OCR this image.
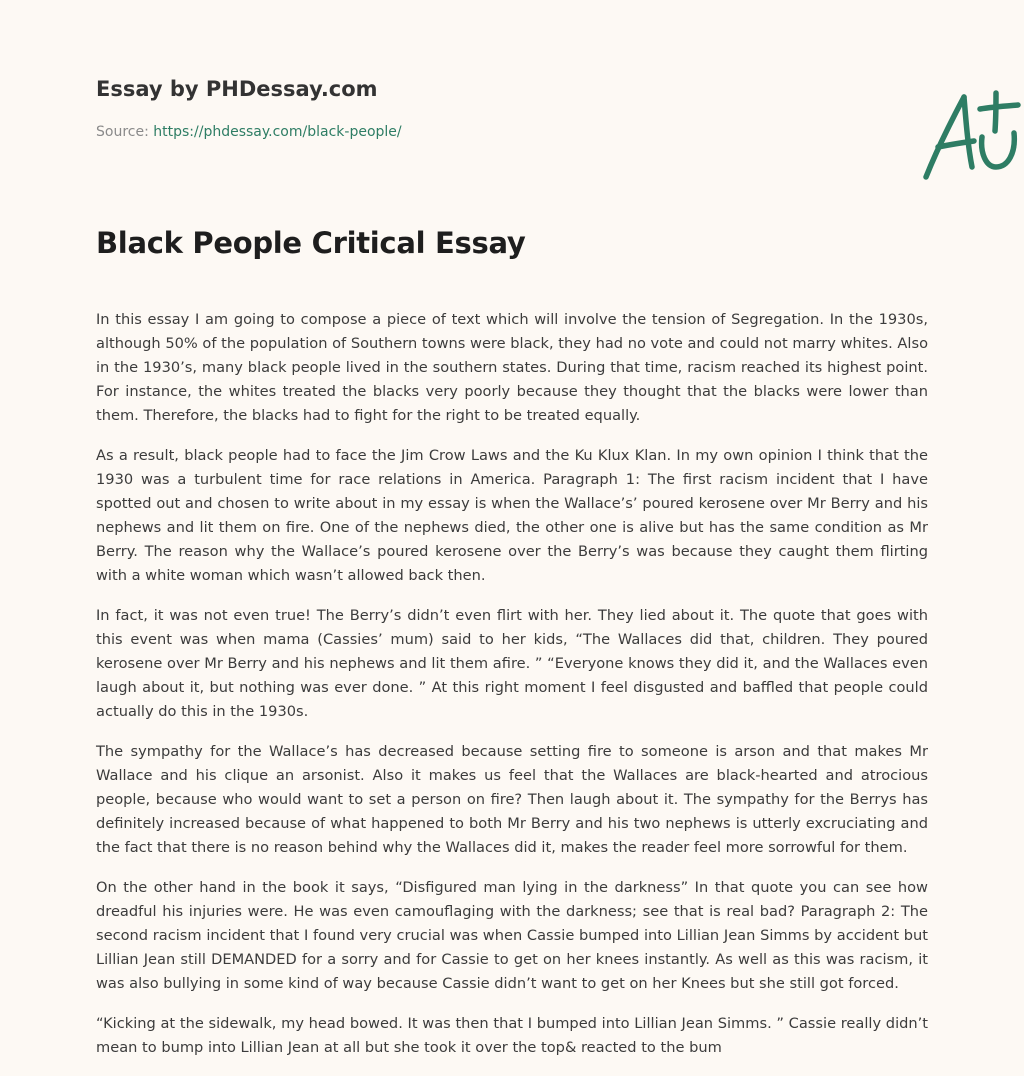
Essay by PHDessay.com
Source: https://phdessay.com/black-people/
Black People Critical Essay

In this essay I am going to compose a piece of text which will involve the tension of Segregation. In the 1930s, although 50% of the population of Southern towns were black, they had no vote and could not marry whites. Also in the 1930’s, many black people lived in the southern states. During that time, racism reached its highest point. For instance, the whites treated the blacks very poorly because they thought that the blacks were lower than them. Therefore, the blacks had to fight for the right to be treated equally.

As a result, black people had to face the Jim Crow Laws and the Ku Klux Klan. In my own opinion I think that the 1930 was a turbulent time for race relations in America. Paragraph 1: The first racism incident that I have spotted out and chosen to write about in my essay is when the Wallace’s’ poured kerosene over Mr Berry and his nephews and lit them on fire. One of the nephews died, the other one is alive but has the same condition as Mr Berry. The reason why the Wallace’s poured kerosene over the Berry’s was because they caught them flirting with a white woman which wasn’t allowed back then.

In fact, it was not even true! The Berry’s didn’t even flirt with her. They lied about it. The quote that goes with this event was when mama (Cassies’ mum) said to her kids, “The Wallaces did that, children. They poured kerosene over Mr Berry and his nephews and lit them afire. ” “Everyone knows they did it, and the Wallaces even laugh about it, but nothing was ever done. ” At this right moment I feel disgusted and baffled that people could actually do this in the 1930s.

The sympathy for the Wallace’s has decreased because setting fire to someone is arson and that makes Mr Wallace and his clique an arsonist. Also it makes us feel that the Wallaces are black-hearted and atrocious people, because who would want to set a person on fire? Then laugh about it. The sympathy for the Berrys has definitely increased because of what happened to both Mr Berry and his two nephews is utterly excruciating and the fact that there is no reason behind why the Wallaces did it, makes the reader feel more sorrowful for them.

On the other hand in the book it says, “Disfigured man lying in the darkness” In that quote you can see how dreadful his injuries were. He was even camouflaging with the darkness; see that is real bad? Paragraph 2: The second racism incident that I found very crucial was when Cassie bumped into Lillian Jean Simms by accident but Lillian Jean still DEMANDED for a sorry and for Cassie to get on her knees instantly. As well as this was racism, it was also bullying in some kind of way because Cassie didn’t want to get on her Knees but she still got forced.

“Kicking at the sidewalk, my head bowed. It was then that I bumped into Lillian Jean Simms. ” Cassie really didn’t mean to bump into Lillian Jean at all but she took it over the top& reacted to the bum
